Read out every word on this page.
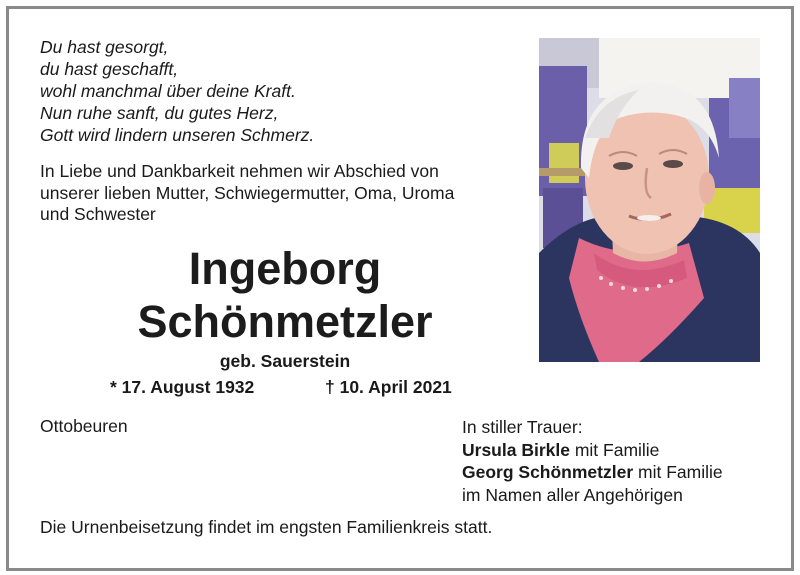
Du hast gesorgt,
du hast geschafft,
wohl manchmal über deine Kraft.
Nun ruhe sanft, du gutes Herz,
Gott wird lindern unseren Schmerz.
In Liebe und Dankbarkeit nehmen wir Abschied von
unserer lieben Mutter, Schwiegermutter, Oma, Uroma
und Schwester
Ingeborg
Schönmetzler
geb. Sauerstein
* 17. August 1932	† 10. April 2021
Ottobeuren	In stiller Trauer:
Ursula Birkle mit Familie
Georg Schönmetzler mit Familie
im Namen aller Angehörigen
Die Urnenbeisetzung findet im engsten Familienkreis statt.
